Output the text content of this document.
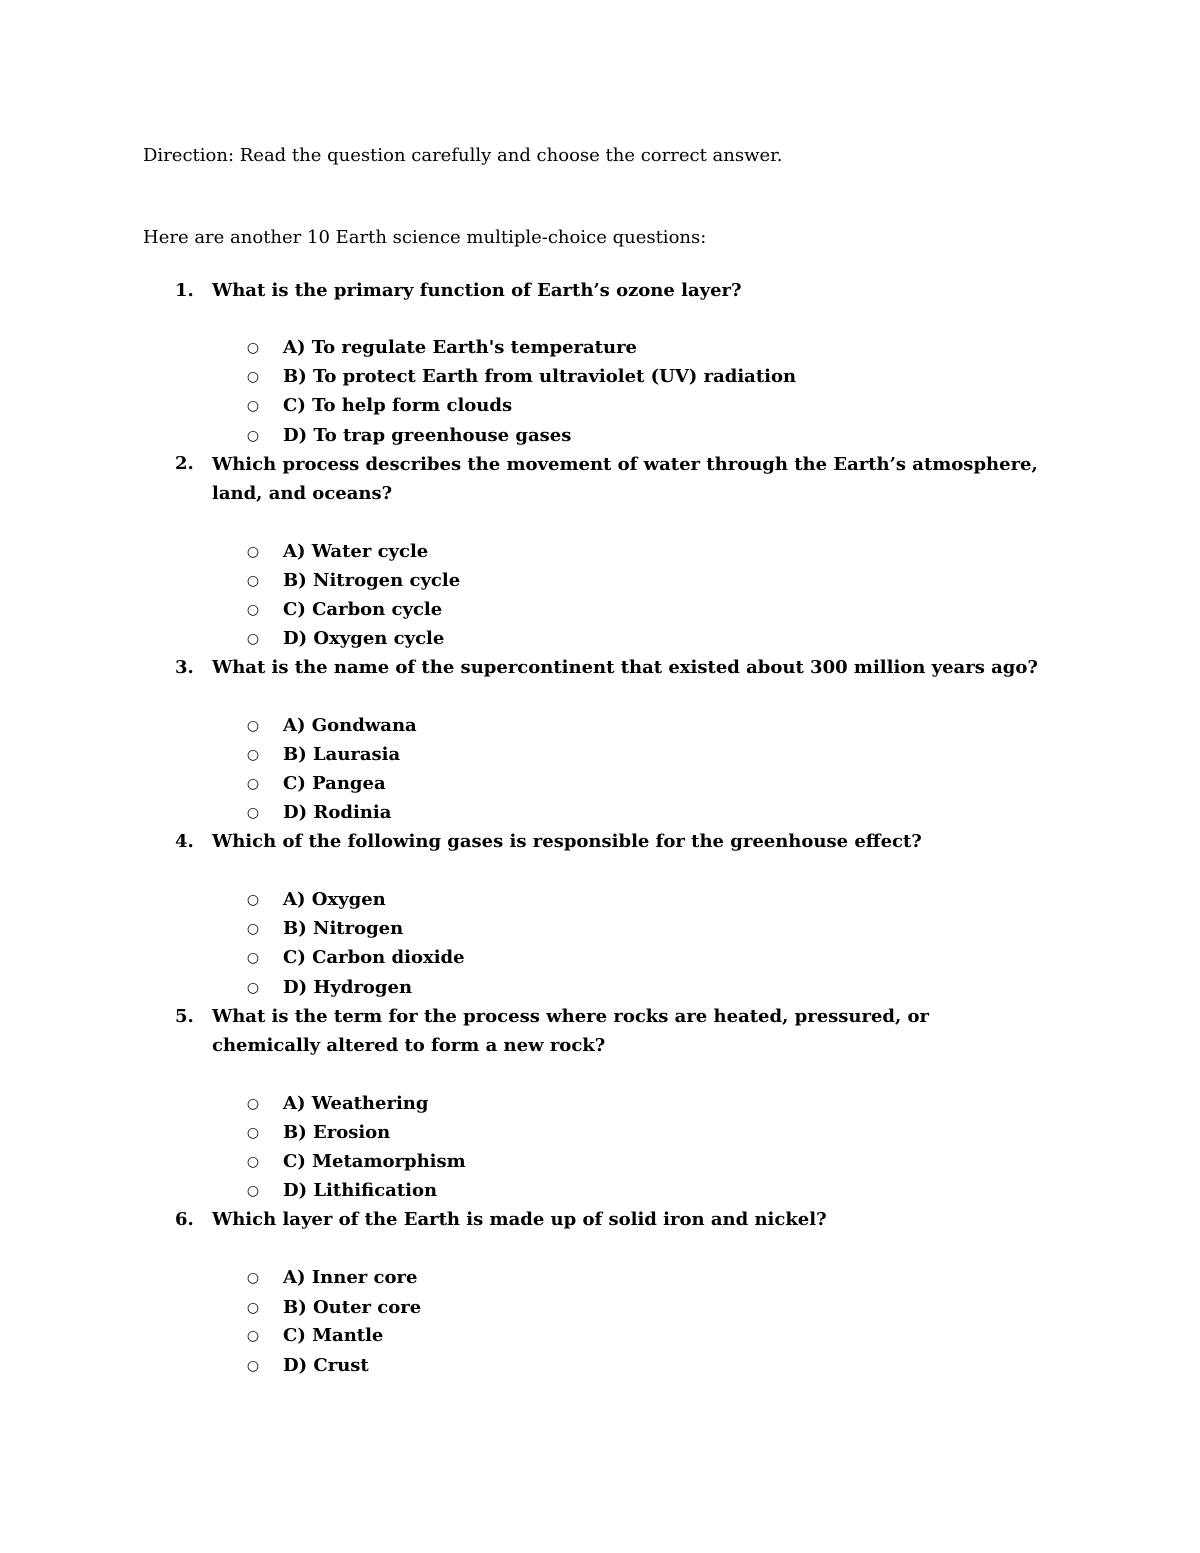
Direction: Read the question carefully and choose the correct answer.
Here are another 10 Earth science multiple-choice questions:
1.	What is the primary function of Earth’s ozone layer?
○ A) To regulate Earth's temperature
○ B) To protect Earth from ultraviolet (UV) radiation
○ C) To help form clouds
○ D) To trap greenhouse gases
2.	Which process describes the movement of water through the Earth’s atmosphere, land, and oceans?
○ A) Water cycle
○ B) Nitrogen cycle
○ C) Carbon cycle
○ D) Oxygen cycle
3.	What is the name of the supercontinent that existed about 300 million years ago?
○ A) Gondwana
○ B) Laurasia
○ C) Pangea
○ D) Rodinia
4.	Which of the following gases is responsible for the greenhouse effect?
○ A) Oxygen
○ B) Nitrogen
○ C) Carbon dioxide
○ D) Hydrogen
5.	What is the term for the process where rocks are heated, pressured, or chemically altered to form a new rock?
○ A) Weathering
○ B) Erosion
○ C) Metamorphism
○ D) Lithification
6.	Which layer of the Earth is made up of solid iron and nickel?
○ A) Inner core
○ B) Outer core
○ C) Mantle
○ D) Crust
